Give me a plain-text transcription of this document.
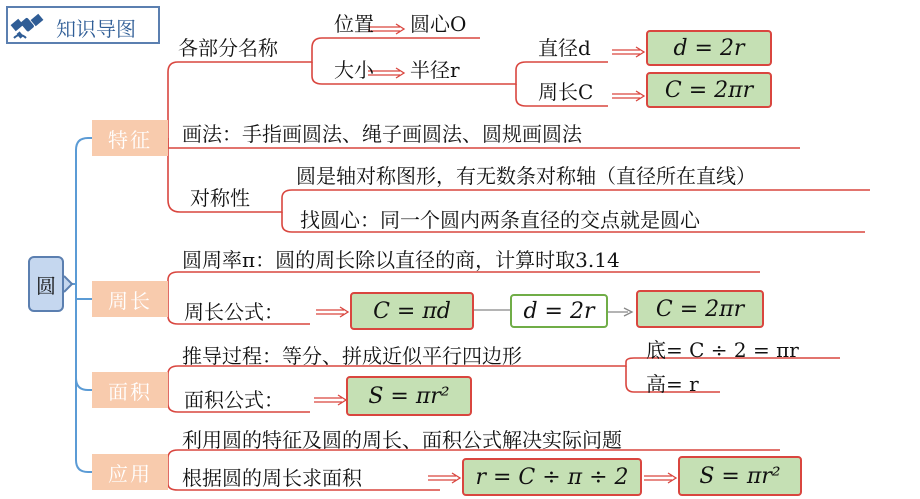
知识导图
圆
特征
周长
面积
应用
各部分名称
位置 圆心O
大小 半径r
直径d
周长C
d = 2r
C = 2πr
画法：手指画圆法、绳子画圆法、圆规画圆法
对称性
圆是轴对称图形，有无数条对称轴（直径所在直线）
找圆心：同一个圆内两条直径的交点就是圆心
圆周率π：圆的周长除以直径的商，计算时取3.14
周长公式：	C = πd	d = 2r	C = 2πr
推导过程：等分、拼成近似平行四边形	底= C ÷ 2 = πr
高= r
面积公式：	S = πr²
利用圆的特征及圆的周长、面积公式解决实际问题
根据圆的周长求面积	r = C ÷ π ÷ 2	S = πr²
